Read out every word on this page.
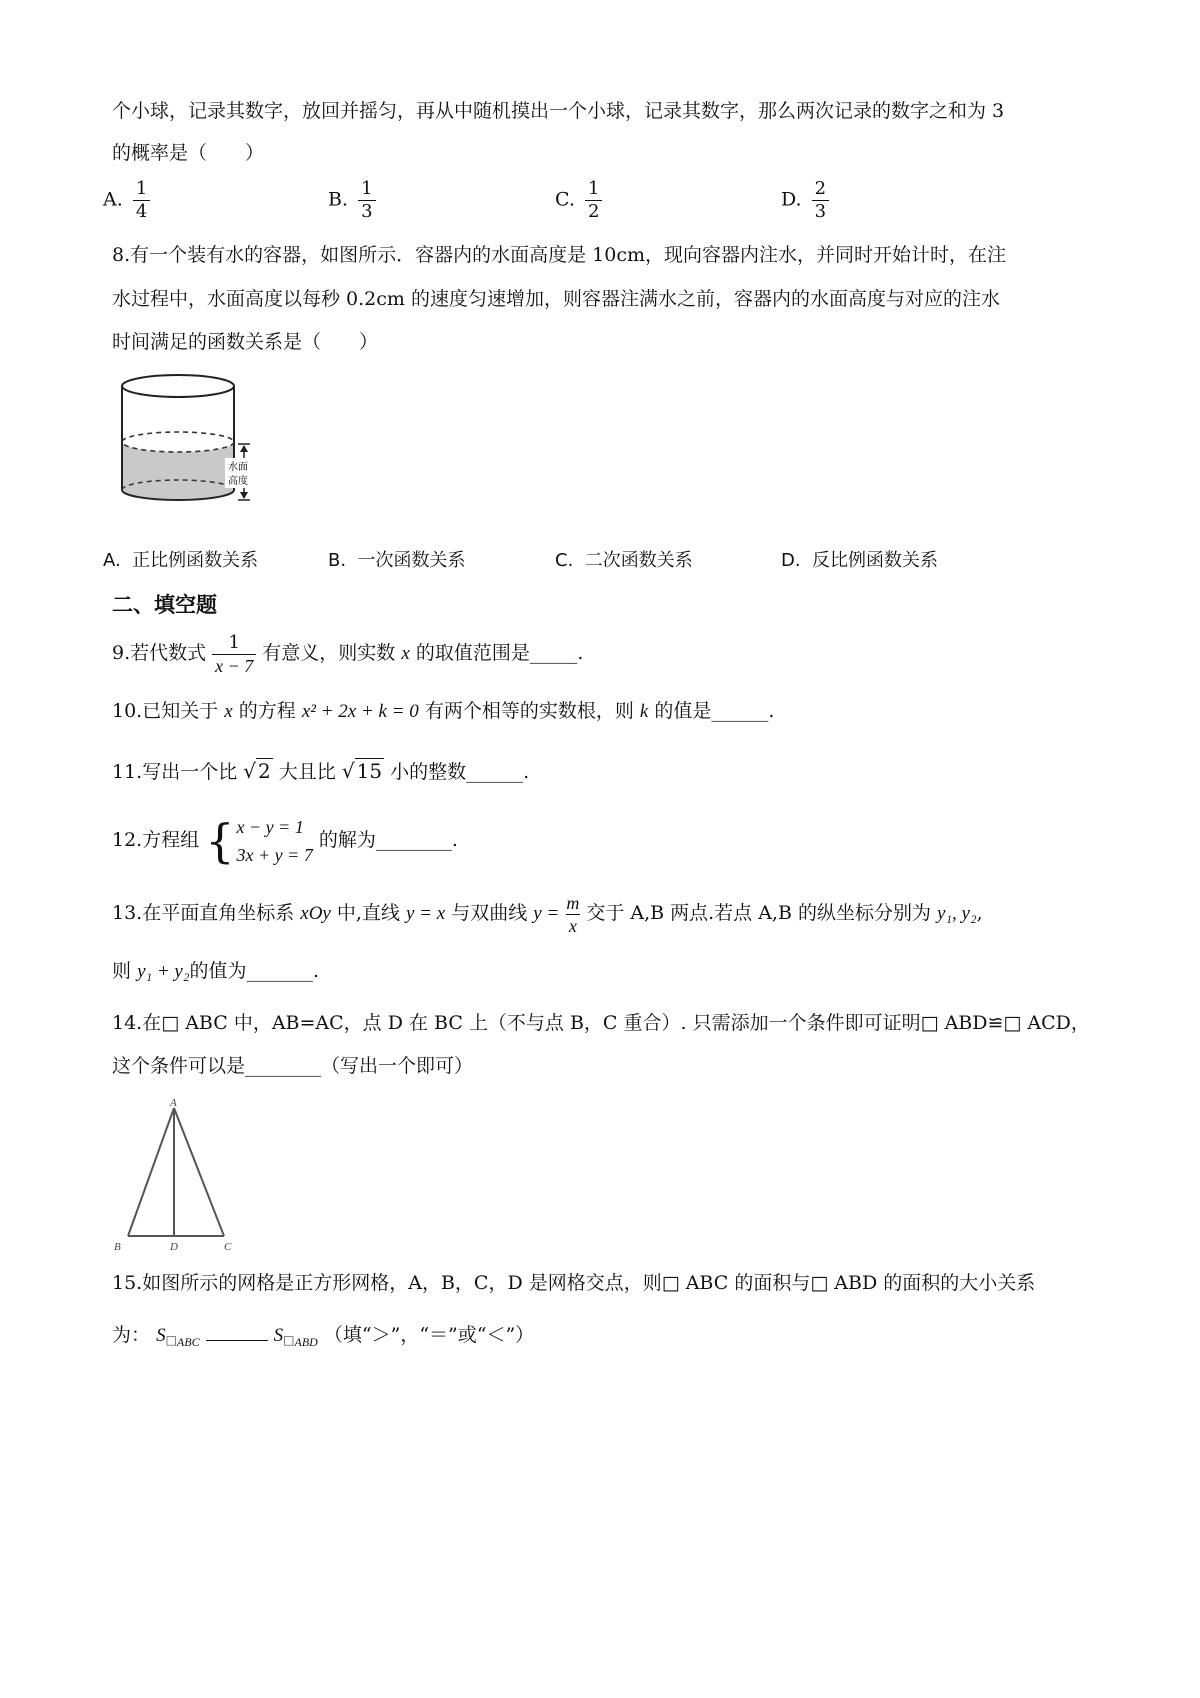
个小球，记录其数字，放回并摇匀，再从中随机摸出一个小球，记录其数字，那么两次记录的数字之和为 3
的概率是（　　）
A. $\frac{1}{4}$	B. $\frac{1}{3}$	C. $\frac{1}{2}$	D. $\frac{2}{3}$
8.有一个装有水的容器，如图所示．容器内的水面高度是 10cm，现向容器内注水，并同时开始计时，在注
水过程中，水面高度以每秒 0.2cm 的速度匀速增加，则容器注满水之前，容器内的水面高度与对应的注水
时间满足的函数关系是（　　）
水面
高度
A. 正比例函数关系	B. 一次函数关系	C. 二次函数关系	D. 反比例函数关系
二、填空题
9.若代数式 $\frac{1}{x - 7}$ 有意义，则实数 x 的取值范围是_____.
10.已知关于 x 的方程 x² + 2x + k = 0 有两个相等的实数根，则 k 的值是______.
11.写出一个比 √ 2 大且比 √ 15 小的整数______.
12.方程组 { x − y = 1
3x + y = 7
的解为________.
13.在平面直角坐标系 xOy 中,直线 y = x 与双曲线 $y = \frac{m}{x}$ 交于 A,B 两点.若点 A,B 的纵坐标分别为 y₁, y₂,
则 y₁ + y₂的值为_______.
14.在□ ABC 中，AB=AC，点 D 在 BC 上（不与点 B，C 重合）. 只需添加一个条件即可证明□ ABD≌□ ACD，
这个条件可以是________（写出一个即可）
A
B	D	C
15.如图所示的网格是正方形网格，A，B，C，D 是网格交点，则□ ABC 的面积与□ ABD 的面积的大小关系
为： $S_{□ABC}$	$S_{□ABD}$ （填“＞”，“＝”或“＜”）
